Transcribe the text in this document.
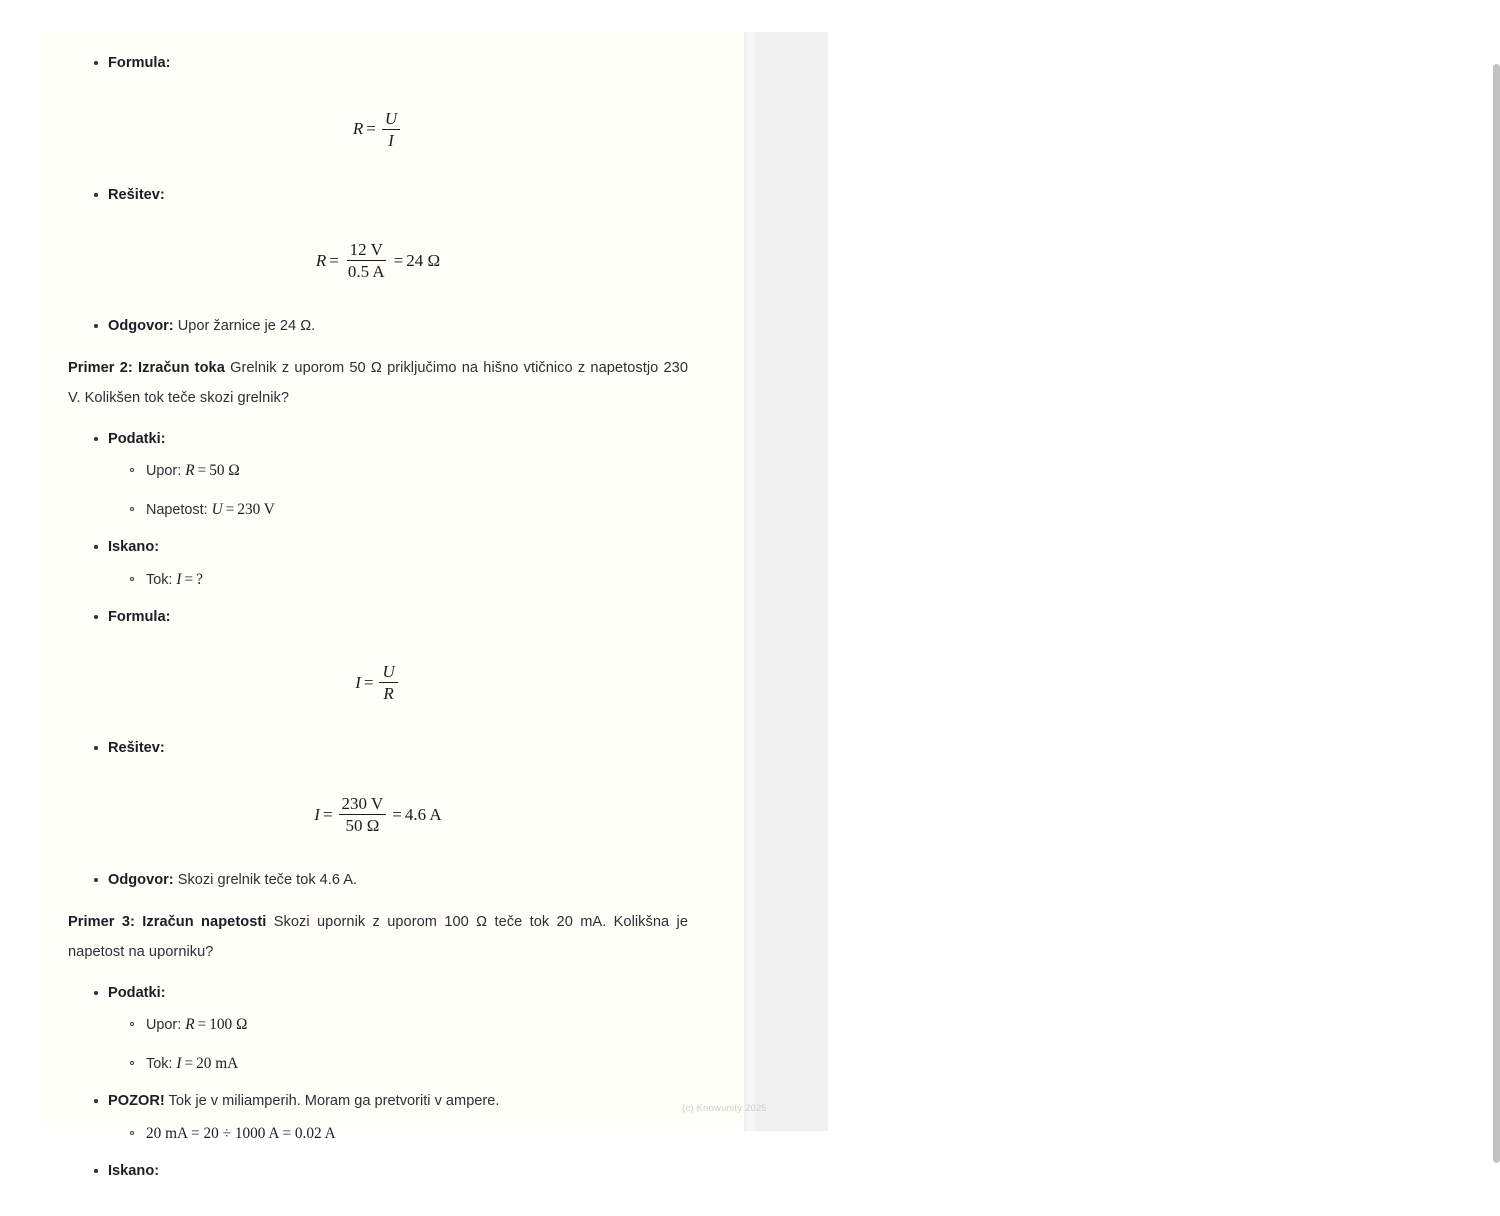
Formula:
$R = \frac{U}{I}$
Rešitev:
$R = \frac{12 V}{0.5 A} = 24$ Ω
Odgovor: Upor žarnice je 24 Ω.

Primer 2: Izračun toka Grelnik z uporom 50 Ω priključimo na hišno vtičnico z napetostjo 230 V. Kolikšen tok teče skozi grelnik?

Podatki:
Upor: R = 50 Ω
Napetost: U = 230 V
Iskano:
Tok: I = ?
Formula:
$I = \frac{U}{R}$
Rešitev:
$I = \frac{230 V}{50 \Omega} = 4.6$ A
Odgovor: Skozi grelnik teče tok 4.6 A.

Primer 3: Izračun napetosti Skozi upornik z uporom 100 Ω teče tok 20 mA. Kolikšna je napetost na uporniku?

Podatki:
Upor: R = 100 Ω
Tok: I = 20 mA
POZOR! Tok je v miliamperih. Moram ga pretvoriti v ampere.
20 mA = 20 ÷ 1000 A = 0.02 A
Iskano:
(c) Knowunity 2025
